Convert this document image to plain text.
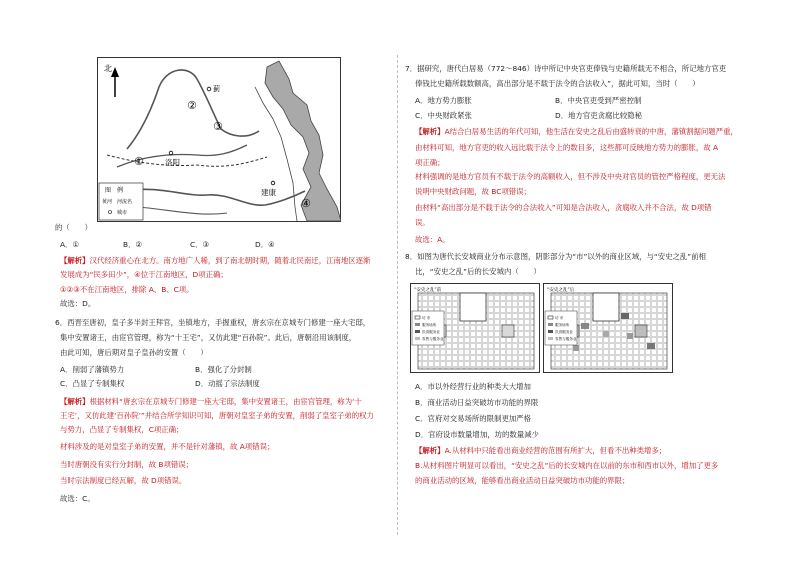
北
①
②
③
④
蓟
洛阳
建康
图　例
黄河 河流名
城市
的（　　）
A．①	B．②	C．③	D．④
【解析】汉代经济重心在北方。南方地广人稀，到了南北朝时期，随着北民南迁，江南地区逐渐
发展成为“民多田少”，④位于江南地区，D项正确；
①②③不在江南地区，排除 A、B、C项。
故选：D。
6．西晋至唐初，皇子多半封王拜官，坐镇地方，手握重权，唐玄宗在京城专门修建一座大宅邸，
集中安置诸王，由宦官管理，称为“十王宅”，又仿此建“百孙院”。此后，唐朝沿用该制度，
由此可知，唐后期对皇子皇孙的安置（　　）
A．削弱了藩镇势力	B．强化了分封制
C．凸显了专制集权	D．动摇了宗法制度
【解析】根据材料“唐玄宗在京城专门修建一座大宅邸，集中安置诸王，由宦官管理，称为‘十
王宅’，又仿此建‘百孙院’”并结合所学知识可知，唐朝对皇室子弟的安置，削弱了皇室子弟的权力
与势力，凸显了专制集权，C项正确；
材料涉及的是对皇室子弟的安置，并不是针对藩镇，故 A项错误；
当时唐朝没有实行分封制，故 B项错误；
当时宗法制度已经瓦解，故 D项错误。
故选：C。
7．据研究，唐代白居易（772～846）诗中所记中央官吏俸钱与史籍所载无不相合，所记地方官吏
俸钱比史籍所载数额高，高出部分是不载于法令的合法收入”，据此可知，当时（　　）
A．地方势力膨胀	B．中央官吏受到严密控制
C．中央财政紧张	D．地方官吏贪腐比较隐秘
【解析】A结合白居易生活的年代可知，他生活在安史之乱后由盛转衰的中唐，藩镇割据问题严重，
由材料可知，地方官吏的收入远比载于法令上的数目多，这些都可反映地方势力的膨胀，故 A
项正确；
材料强调的是地方官员有不载于法令的高额收入，但不涉及中央对官员的管控严格程度，更无法
说明中央财政问题，故 BC项错误；
由材料“高出部分是不载于法令的合法收入”可知是合法收入，贪腐收入并不合法，故 D项错
误。
故选：A。
8．如图为唐代长安城商业分布示意图，阴影部分为“市”以外的商业区域，与“安史之乱”前相
比，“安史之乱”后的长安城内（　　）
坊 市
服务场所
饮食服务业
零售与服务业
“安史之乱”前
坊 市
服务场所
饮食服务业
零售与服务业
“安史之乱”后
A．市以外经营行业的种类大大增加
B．商业活动日益突破坊市功能的界限
C．官府对交易场所的限制更加严格
D．官府设市数量增加，坊的数量减少
【解析】A.从材料中只能看出商业经营的范围有所扩大，但看不出种类增多；
B.从材料图片明显可以看出，“安史之乱”后的长安城内在以前的东市和西市以外，增加了更多
的商业活动的区域，能够看出商业活动日益突破坊市功能的界限；
